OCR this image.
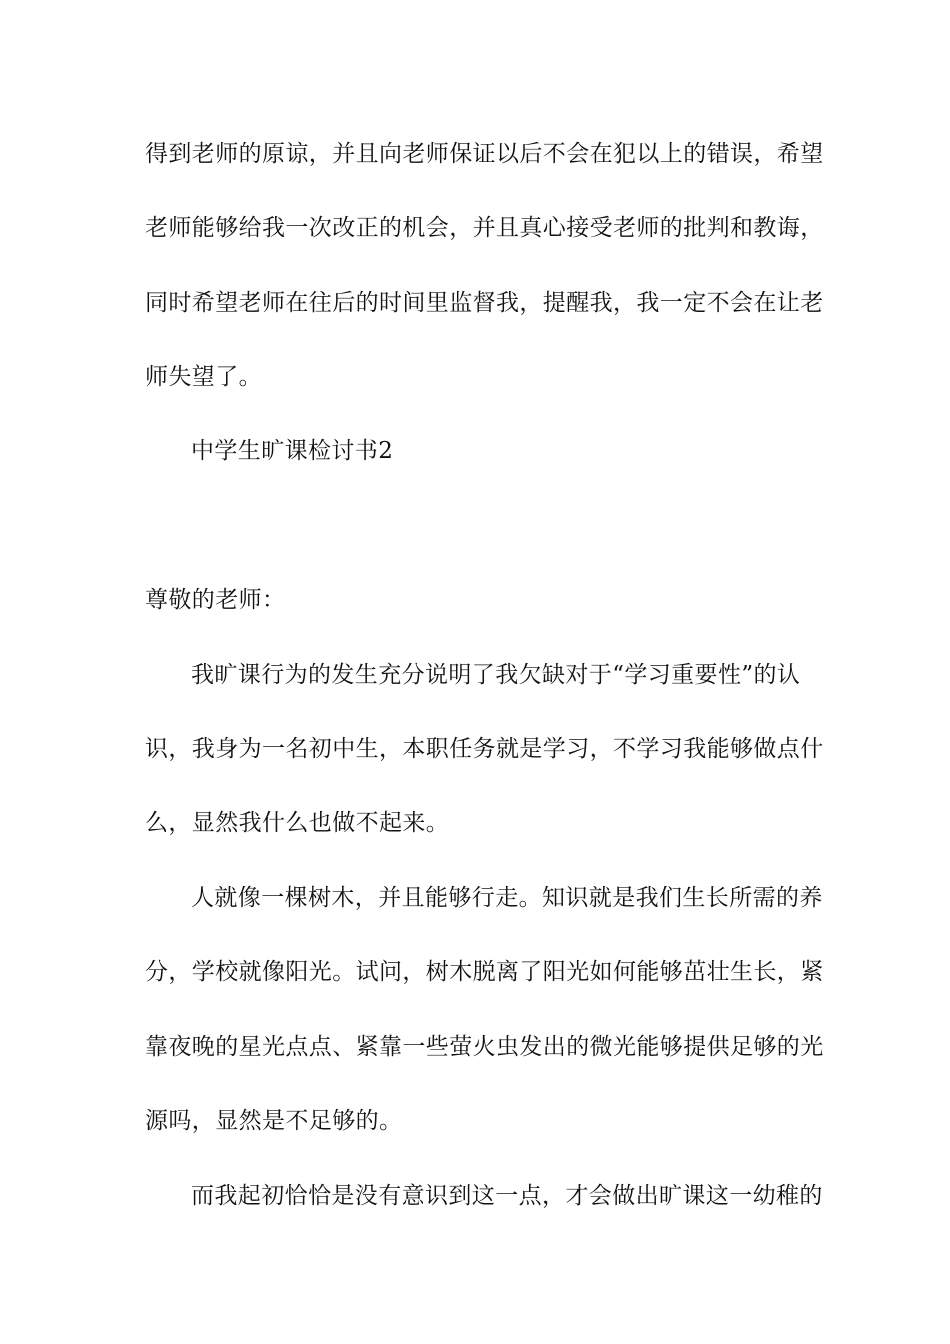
得到老师的原谅，并且向老师保证以后不会在犯以上的错误，希望
老师能够给我一次改正的机会，并且真心接受老师的批判和教诲，
同时希望老师在往后的时间里监督我，提醒我，我一定不会在让老
师失望了。
中学生旷课检讨书2
尊敬的老师：
我旷课行为的发生充分说明了我欠缺对于“学习重要性”的认
识，我身为一名初中生，本职任务就是学习，不学习我能够做点什
么，显然我什么也做不起来。
人就像一棵树木，并且能够行走。知识就是我们生长所需的养
分，学校就像阳光。试问，树木脱离了阳光如何能够茁壮生长，紧
靠夜晚的星光点点、紧靠一些萤火虫发出的微光能够提供足够的光
源吗，显然是不足够的。
而我起初恰恰是没有意识到这一点，才会做出旷课这一幼稚的
